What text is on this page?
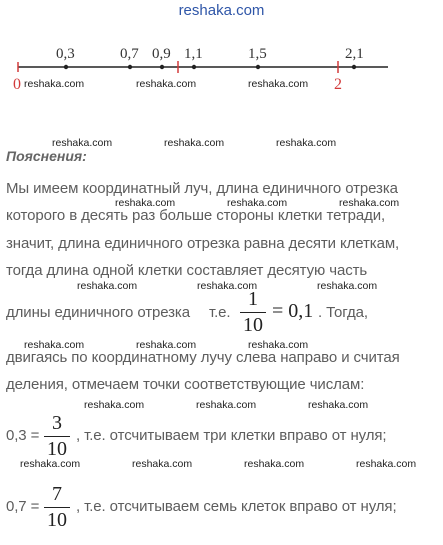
reshaka.com
0,3	0,7 0,9 1,1	1,5	2,1
0	2
reshaka.com	reshaka.com	reshaka.com
reshaka.com	reshaka.com	reshaka.com
Пояснения:
Мы имеем координатный луч, длина единичного отрезка
reshaka.com	reshaka.com	reshaka.com
которого в десять раз больше стороны клетки тетради,
значит, длина единичного отрезка равна десяти клеткам,
тогда длина одной клетки составляет десятую часть
reshaka.com	reshaka.com	reshaka.com
длины единичного отрезка т.е.
1
10
= 0,1 . Тогда,
reshaka.com	reshaka.com	reshaka.com
двигаясь по координатному лучу слева направо и считая
деления, отмечаем точки соответствующие числам:
reshaka.com	reshaka.com	reshaka.com
0,3 =
3
10
, т.е. отсчитываем три клетки вправо от нуля;
reshaka.com	reshaka.com	reshaka.com	reshaka.com
0,7 =
7
10
, т.е. отсчитываем семь клеток вправо от нуля;
